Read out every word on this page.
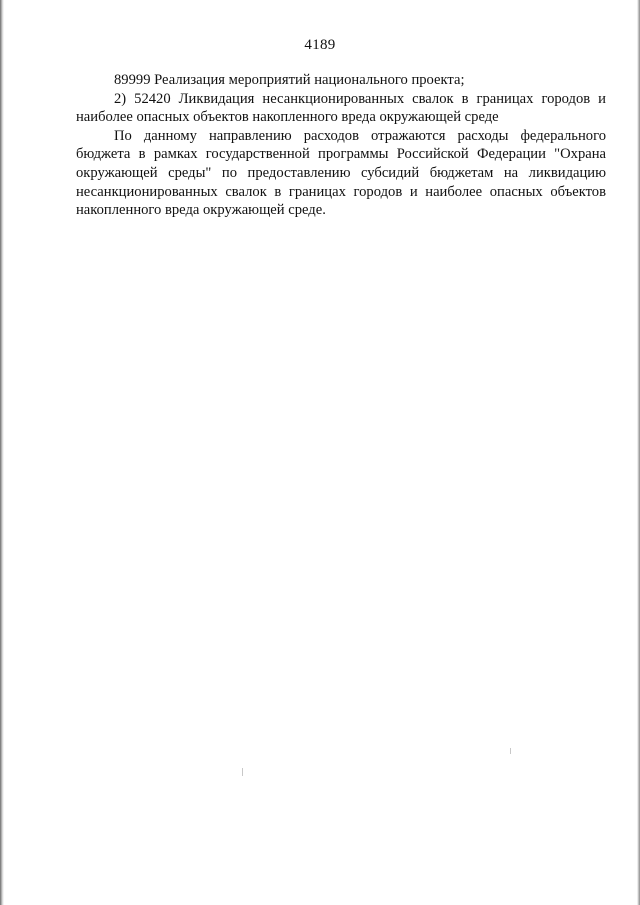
4189

89999 Реализация мероприятий национального проекта;

2) 52420 Ликвидация несанкционированных свалок в границах городов и наиболее опасных объектов накопленного вреда окружающей среде

По данному направлению расходов отражаются расходы федерального бюджета в рамках государственной программы Российской Федерации "Охрана окружающей среды" по предоставлению субсидий бюджетам на ликвидацию несанкционированных свалок в границах городов и наиболее опасных объектов накопленного вреда окружающей среде.
